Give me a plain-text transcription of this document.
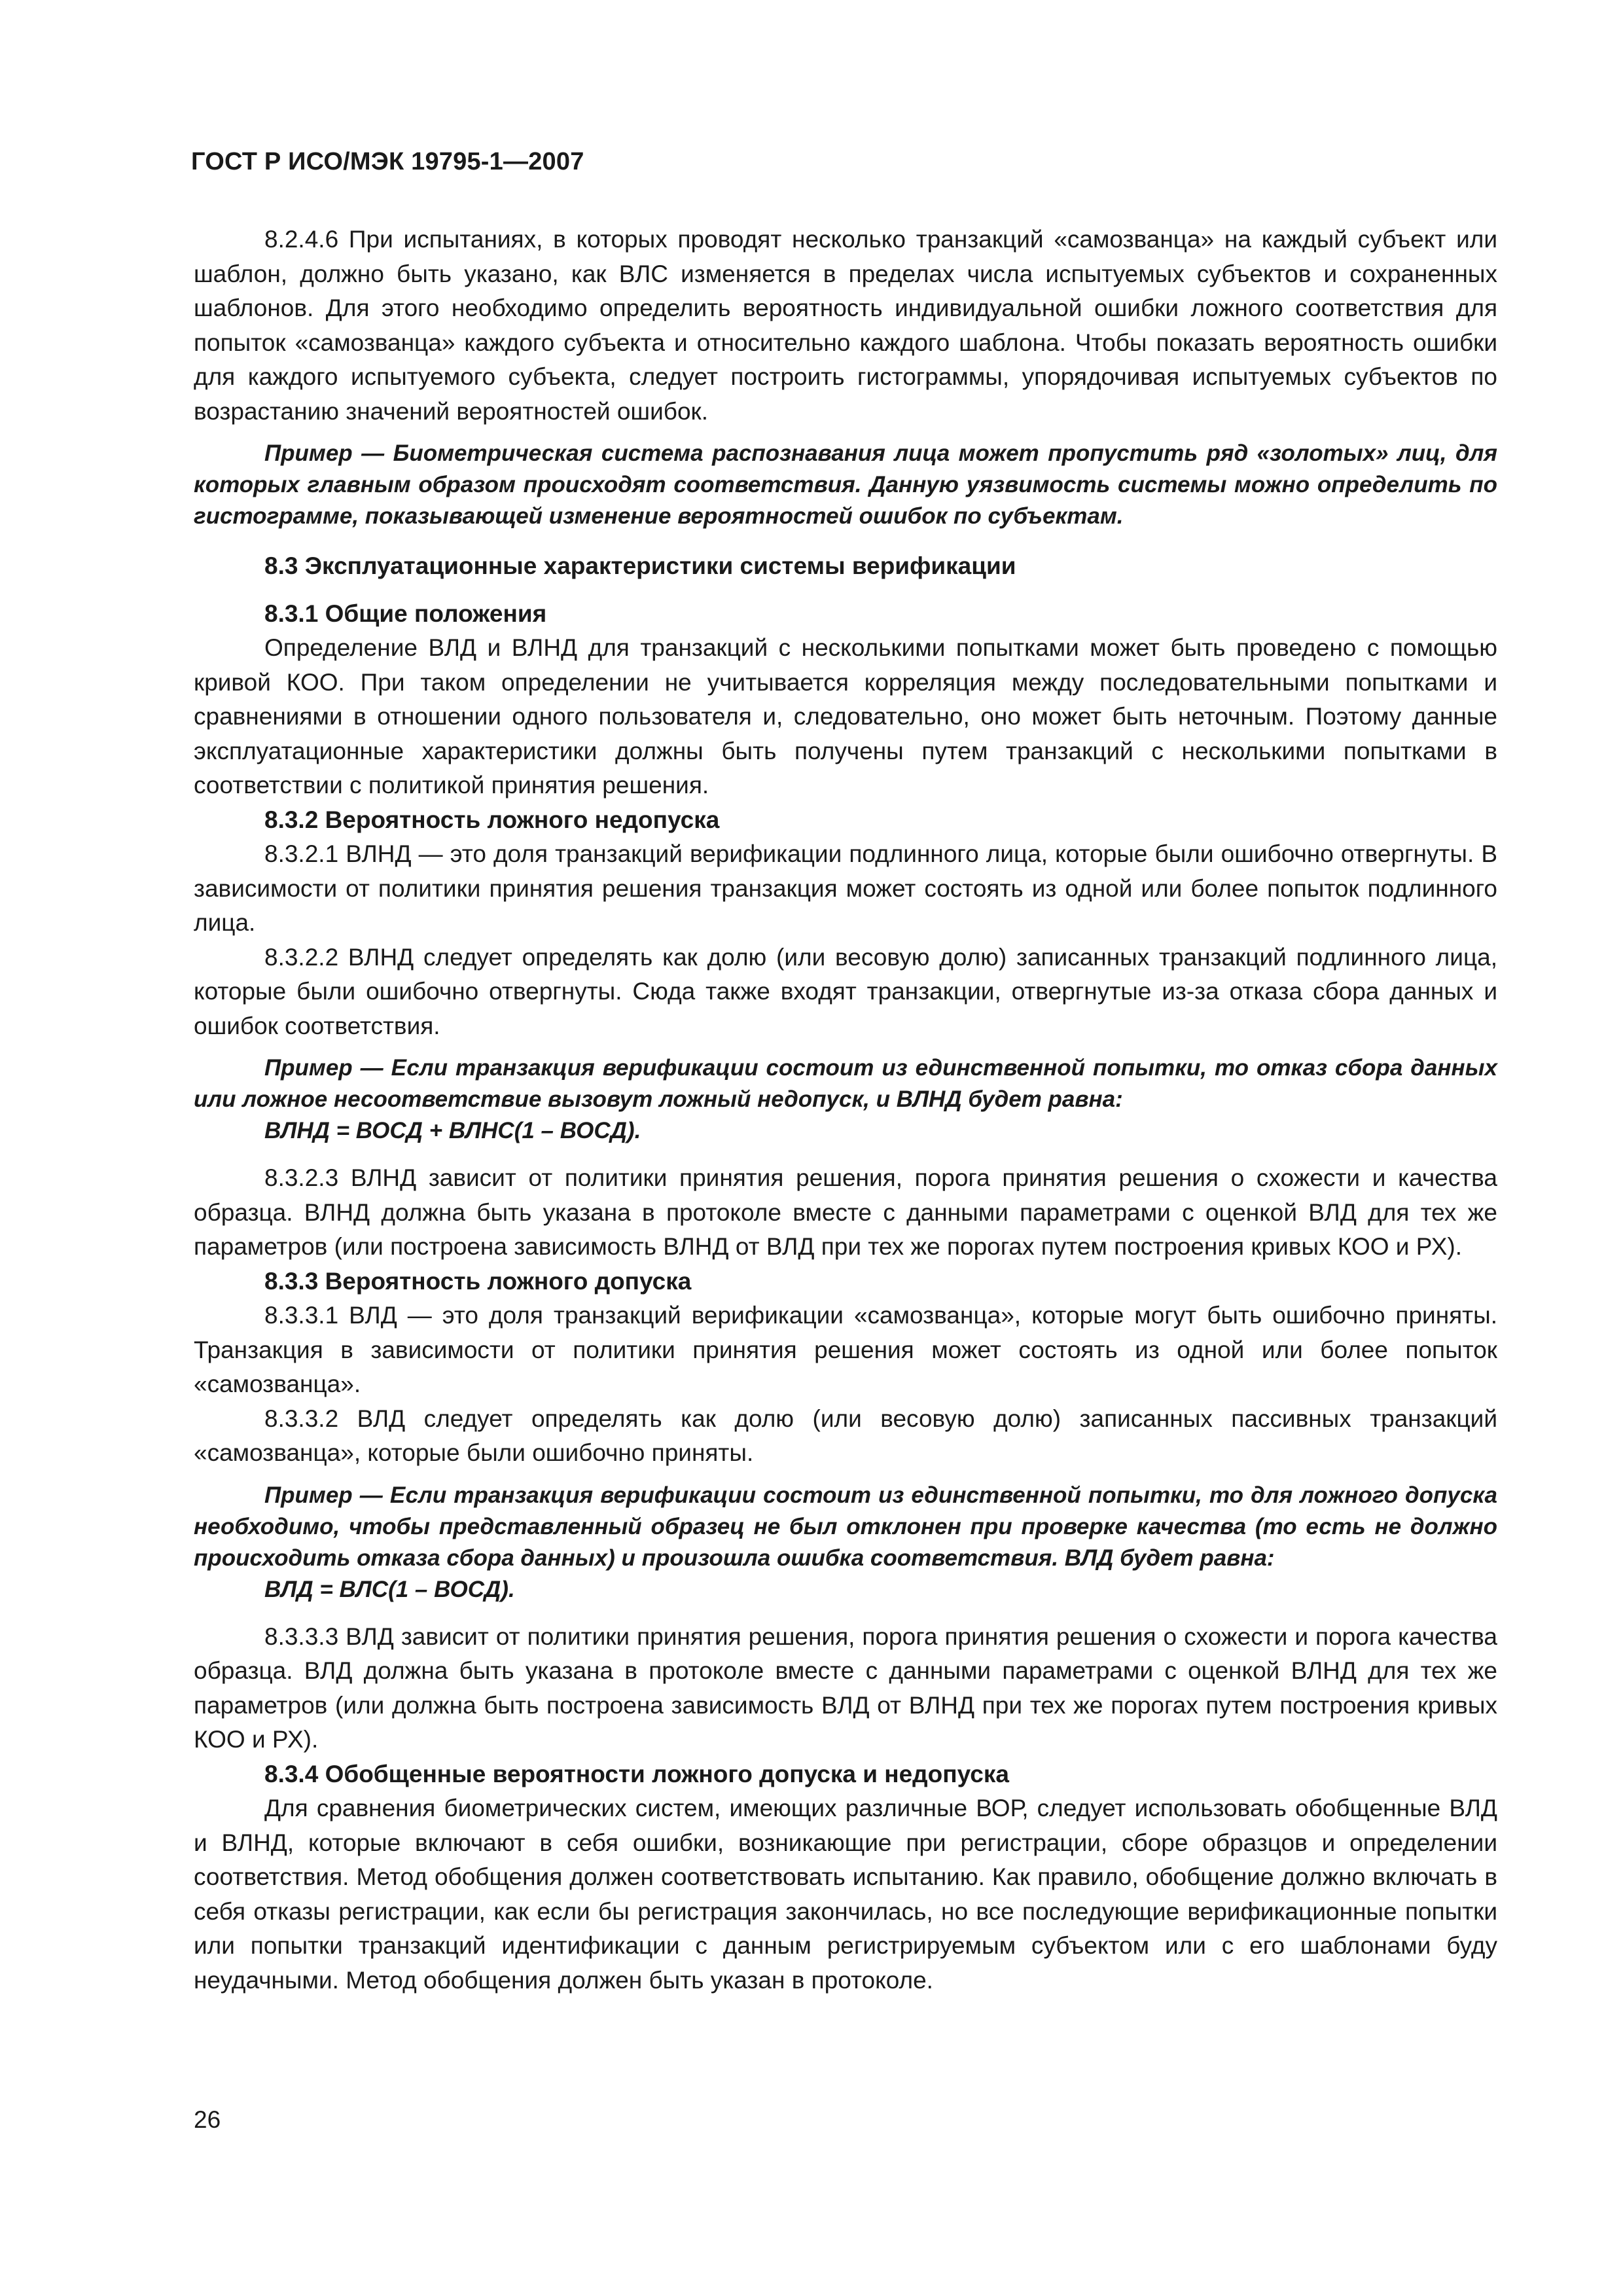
ГОСТ Р ИСО/МЭК 19795-1—2007

8.2.4.6 При испытаниях, в которых проводят несколько транзакций «самозванца» на каждый субъект или шаблон, должно быть указано, как ВЛС изменяется в пределах числа испытуемых субъектов и сохраненных шаблонов. Для этого необходимо определить вероятность индивидуальной ошибки ложного соответствия для попыток «самозванца» каждого субъекта и относительно каждого шаблона. Чтобы показать вероятность ошибки для каждого испытуемого субъекта, следует построить гистограммы, упорядочивая испытуемых субъектов по возрастанию значений вероятностей ошибок.

Пример — Биометрическая система распознавания лица может пропустить ряд «золотых» лиц, для которых главным образом происходят соответствия. Данную уязвимость системы можно определить по гистограмме, показывающей изменение вероятностей ошибок по субъектам.

8.3 Эксплуатационные характеристики системы верификации

8.3.1 Общие положения

Определение ВЛД и ВЛНД для транзакций с несколькими попытками может быть проведено с помощью кривой КОО. При таком определении не учитывается корреляция между последовательными попытками и сравнениями в отношении одного пользователя и, следовательно, оно может быть неточным. Поэтому данные эксплуатационные характеристики должны быть получены путем транзакций с несколькими попытками в соответствии с политикой принятия решения.

8.3.2 Вероятность ложного недопуска

8.3.2.1 ВЛНД — это доля транзакций верификации подлинного лица, которые были ошибочно отвергнуты. В зависимости от политики принятия решения транзакция может состоять из одной или более попыток подлинного лица.

8.3.2.2 ВЛНД следует определять как долю (или весовую долю) записанных транзакций подлинного лица, которые были ошибочно отвергнуты. Сюда также входят транзакции, отвергнутые из-за отказа сбора данных и ошибок соответствия.

Пример — Если транзакция верификации состоит из единственной попытки, то отказ сбора данных или ложное несоответствие вызовут ложный недопуск, и ВЛНД будет равна:

ВЛНД = ВОСД + ВЛНС(1 – ВОСД).

8.3.2.3 ВЛНД зависит от политики принятия решения, порога принятия решения о схожести и качества образца. ВЛНД должна быть указана в протоколе вместе с данными параметрами с оценкой ВЛД для тех же параметров (или построена зависимость ВЛНД от ВЛД при тех же порогах путем построения кривых КОО и РХ).

8.3.3 Вероятность ложного допуска

8.3.3.1 ВЛД — это доля транзакций верификации «самозванца», которые могут быть ошибочно приняты. Транзакция в зависимости от политики принятия решения может состоять из одной или более попыток «самозванца».

8.3.3.2 ВЛД следует определять как долю (или весовую долю) записанных пассивных транзакций «самозванца», которые были ошибочно приняты.

Пример — Если транзакция верификации состоит из единственной попытки, то для ложного допуска необходимо, чтобы представленный образец не был отклонен при проверке качества (то есть не должно происходить отказа сбора данных) и произошла ошибка соответствия. ВЛД будет равна:

ВЛД = ВЛС(1 – ВОСД).

8.3.3.3 ВЛД зависит от политики принятия решения, порога принятия решения о схожести и порога качества образца. ВЛД должна быть указана в протоколе вместе с данными параметрами с оценкой ВЛНД для тех же параметров (или должна быть построена зависимость ВЛД от ВЛНД при тех же порогах путем построения кривых КОО и РХ).

8.3.4 Обобщенные вероятности ложного допуска и недопуска

Для сравнения биометрических систем, имеющих различные ВОР, следует использовать обобщенные ВЛД и ВЛНД, которые включают в себя ошибки, возникающие при регистрации, сборе образцов и определении соответствия. Метод обобщения должен соответствовать испытанию. Как правило, обобщение должно включать в себя отказы регистрации, как если бы регистрация закончилась, но все последующие верификационные попытки или попытки транзакций идентификации с данным регистрируемым субъектом или с его шаблонами буду неудачными. Метод обобщения должен быть указан в протоколе.

26
